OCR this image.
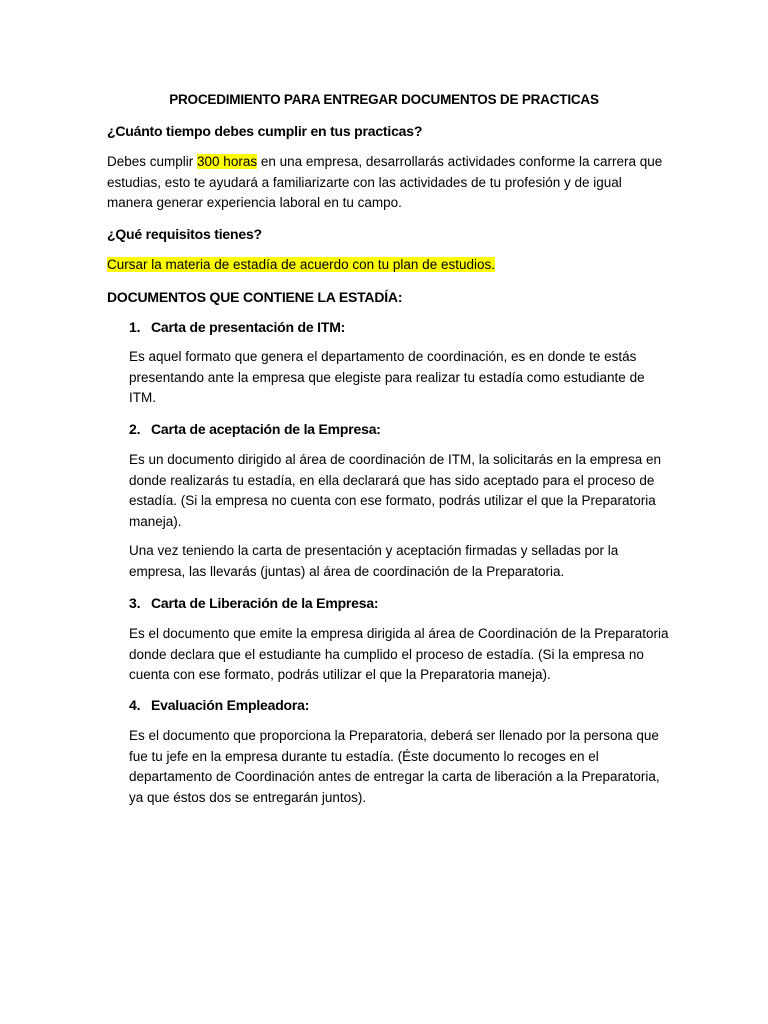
PROCEDIMIENTO PARA ENTREGAR DOCUMENTOS DE PRACTICAS
¿Cuánto tiempo debes cumplir en tus practicas?

Debes cumplir 300 horas en una empresa, desarrollarás actividades conforme la carrera que estudias, esto te ayudará a familiarizarte con las actividades de tu profesión y de igual manera generar experiencia laboral en tu campo.

¿Qué requisitos tienes?

Cursar la materia de estadía de acuerdo con tu plan de estudios.

DOCUMENTOS QUE CONTIENE LA ESTADÍA:
1. Carta de presentación de ITM:

Es aquel formato que genera el departamento de coordinación, es en donde te estás presentando ante la empresa que elegiste para realizar tu estadía como estudiante de ITM.

2. Carta de aceptación de la Empresa:

Es un documento dirigido al área de coordinación de ITM, la solicitarás en la empresa en donde realizarás tu estadía, en ella declarará que has sido aceptado para el proceso de estadía. (Si la empresa no cuenta con ese formato, podrás utilizar el que la Preparatoria maneja).

Una vez teniendo la carta de presentación y aceptación firmadas y selladas por la empresa, las llevarás (juntas) al área de coordinación de la Preparatoria.

3. Carta de Liberación de la Empresa:

Es el documento que emite la empresa dirigida al área de Coordinación de la Preparatoria donde declara que el estudiante ha cumplido el proceso de estadía. (Si la empresa no cuenta con ese formato, podrás utilizar el que la Preparatoria maneja).

4. Evaluación Empleadora:

Es el documento que proporciona la Preparatoria, deberá ser llenado por la persona que fue tu jefe en la empresa durante tu estadía. (Éste documento lo recoges en el departamento de Coordinación antes de entregar la carta de liberación a la Preparatoria, ya que éstos dos se entregarán juntos).
